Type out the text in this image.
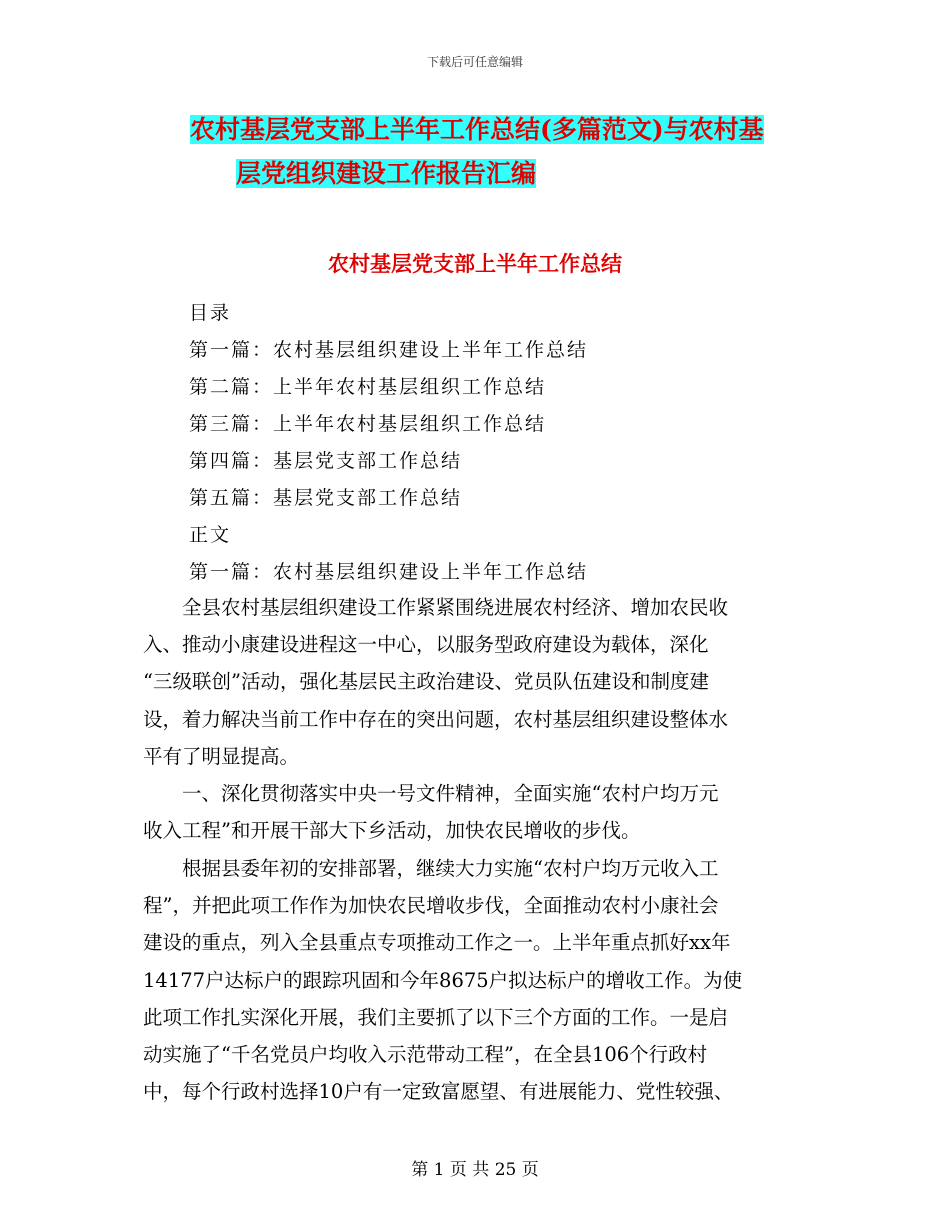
下载后可任意编辑
农村基层党支部上半年工作总结(多篇范文)与农村基
层党组织建设工作报告汇编
农村基层党支部上半年工作总结
目录
第一篇：农村基层组织建设上半年工作总结
第二篇：上半年农村基层组织工作总结
第三篇：上半年农村基层组织工作总结
第四篇：基层党支部工作总结
第五篇：基层党支部工作总结
正文
第一篇：农村基层组织建设上半年工作总结
　　全县农村基层组织建设工作紧紧围绕进展农村经济、增加农民收
入、推动小康建设进程这一中心，以服务型政府建设为载体，深化
“三级联创”活动，强化基层民主政治建设、党员队伍建设和制度建
设，着力解决当前工作中存在的突出问题，农村基层组织建设整体水
平有了明显提高。
　　一、深化贯彻落实中央一号文件精神，全面实施“农村户均万元
收入工程”和开展干部大下乡活动，加快农民增收的步伐。
　　根据县委年初的安排部署，继续大力实施“农村户均万元收入工
程”，并把此项工作作为加快农民增收步伐，全面推动农村小康社会
建设的重点，列入全县重点专项推动工作之一。上半年重点抓好xx年
14177户达标户的跟踪巩固和今年8675户拟达标户的增收工作。为使
此项工作扎实深化开展，我们主要抓了以下三个方面的工作。一是启
动实施了“千名党员户均收入示范带动工程”，在全县106个行政村
中，每个行政村选择10户有一定致富愿望、有进展能力、党性较强、
第 1 页 共 25 页
